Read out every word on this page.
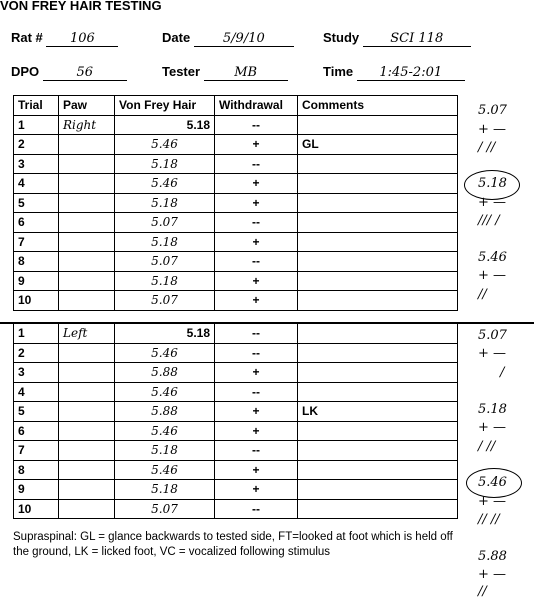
VON FREY HAIR TESTING
Rat # 106	Date	5/9/10	Study SCI 118
DPO	56	Tester	MB	Time 1:45-2:01
Trial	Paw	Von Frey Hair	Withdrawal	Comments
1	Right	5.18	--	
2		5.46	+	GL
3		5.18	--	
4		5.46	+	
5		5.18	+	
6		5.07	--	
7		5.18	+	
8		5.07	--	
9		5.18	+	
10		5.07	+	
1	Left	5.18	--	
2		5.46	--	
3		5.88	+	
4		5.46	--	
5		5.88	+	LK
6		5.46	+	
7		5.18	--	
8		5.46	+	
9		5.18	+	
10		5.07	--	
Supraspinal: GL = glance backwards to tested side, FT=looked at foot which is held off the ground, LK = licked foot, VC = vocalized following stimulus
5.07
+ —
/ //
5.18
+ —
/// /
5.46
+ —
//
5.07
+ —
/
5.18
+ —
/ //
5.46
+ —
// //
5.88
+ —
//
